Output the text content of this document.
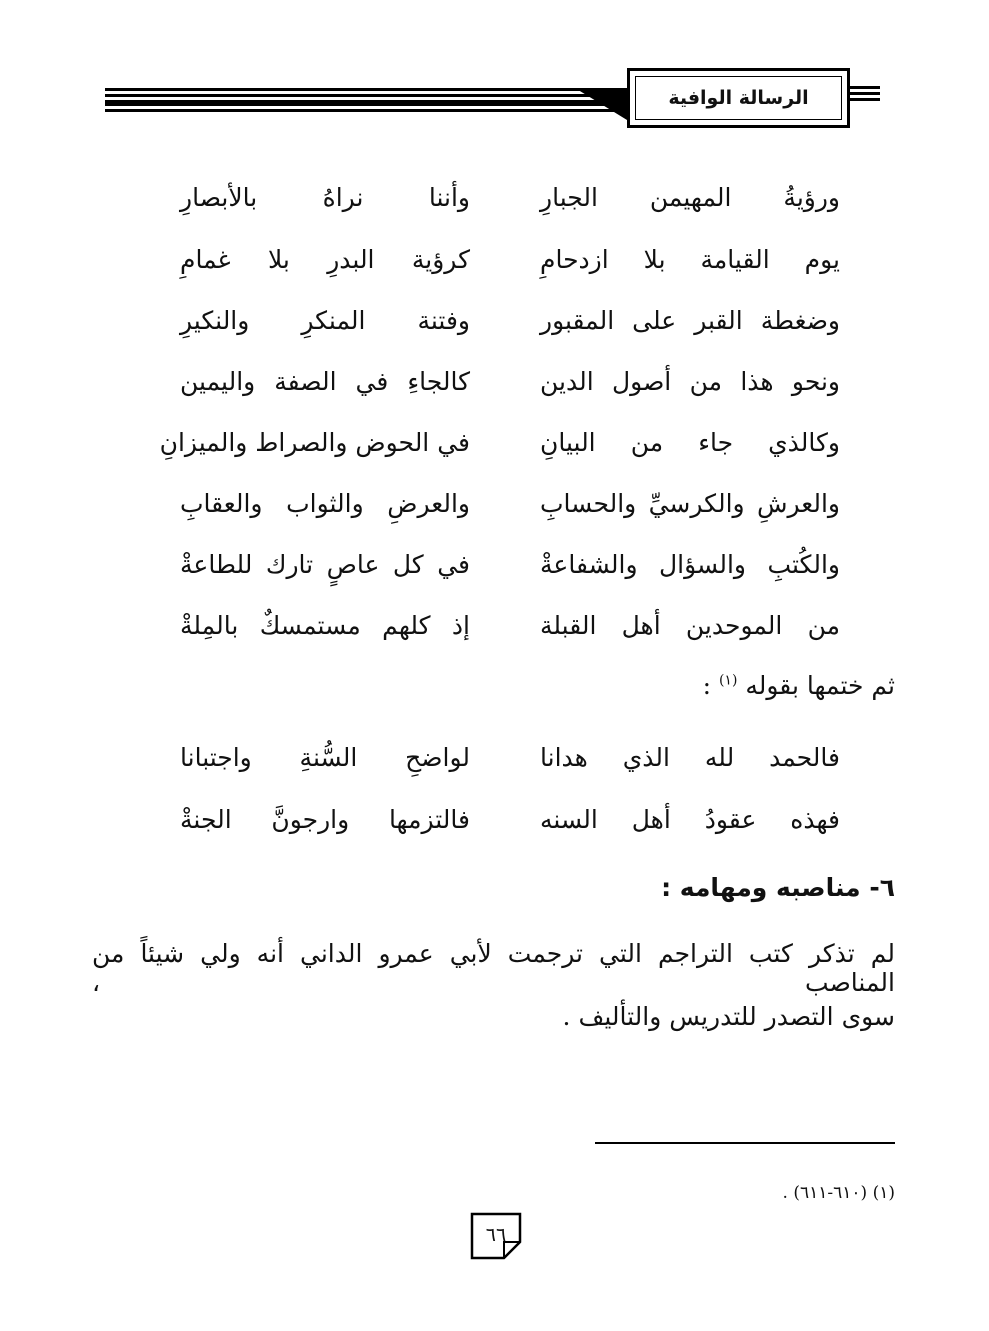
الرسالة الوافية
ورؤيةُ المهيمن الجبارِ
وأننا نراهُ بالأبصارِ
يوم القيامة بلا ازدحامِ
كرؤية البدرِ بلا غمامِ
وضغطة القبر على المقبور
وفتنة المنكرِ والنكيرِ
ونحو هذا من أصول الدين
كالجاءِ في الصفة واليمين
وكالذي جاء من البيانِ
في الحوض والصراط والميزانِ
والعرشِ والكرسيِّ والحسابِ
والعرضِ والثواب والعقابِ
والكُتبِ والسؤال والشفاعةْ
في كل عاصٍ تارك للطاعةْ
من الموحدين أهل القبلة
إذ كلهم مستمسكٌ بالمِلةْ
ثم ختمها بقوله $^{(١)}$ :
فالحمد لله الذي هدانا
لواضحِ السُّنةِ واجتبانا
فهذه عقودُ أهل السنه
فالتزمها وارجونَّ الجنةْ
٦- مناصبه ومهامه :
لم تذكر كتب التراجم التي ترجمت لأبي عمرو الداني أنه ولي شيئاً من المناصب ،
سوى التصدر للتدريس والتأليف .
(١) (٦١٠-٦١١) .
٦٦
